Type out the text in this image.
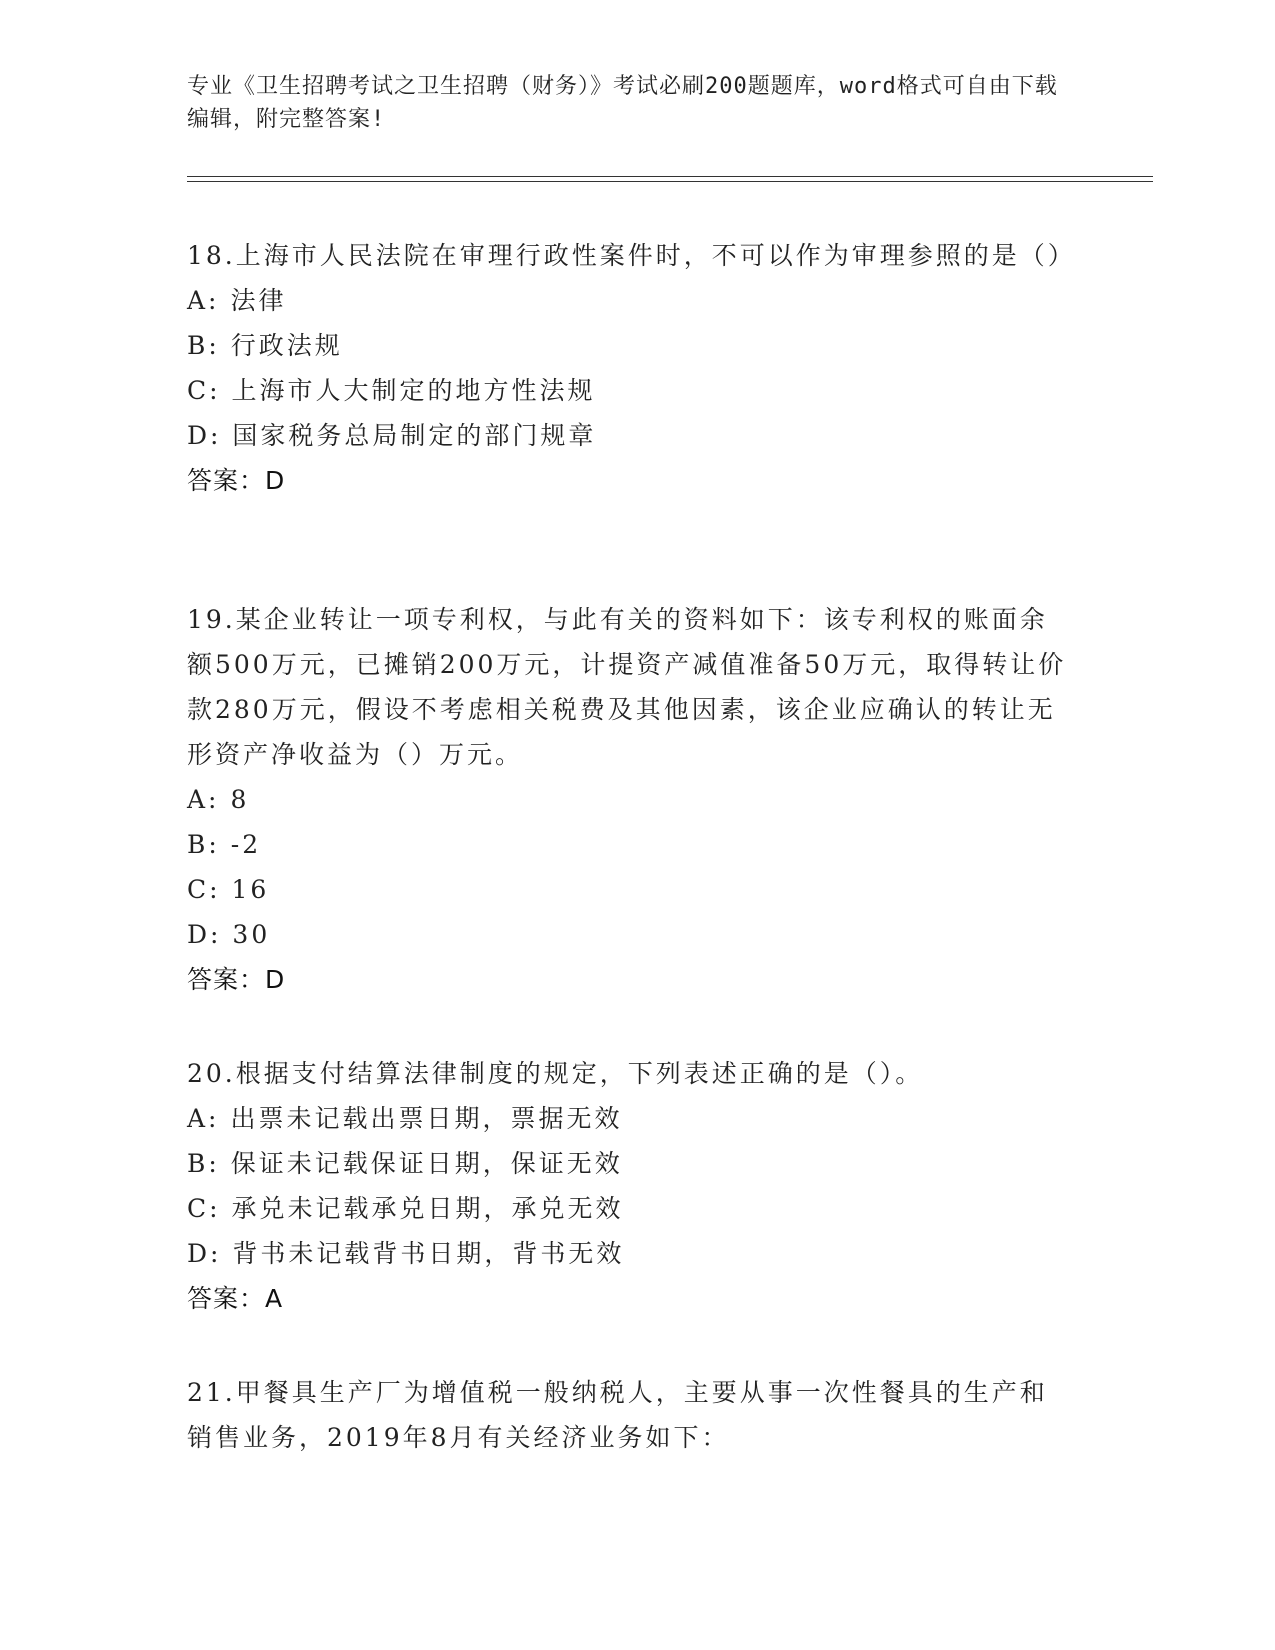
专业《卫生招聘考试之卫生招聘（财务）》考试必刷200题题库，word格式可自由下载编辑，附完整答案!
18.上海市人民法院在审理行政性案件时，不可以作为审理参照的是（）
A: 法律
B: 行政法规
C: 上海市人大制定的地方性法规
D: 国家税务总局制定的部门规章
答案：D
19.某企业转让一项专利权，与此有关的资料如下：该专利权的账面余额500万元，已摊销200万元，计提资产减值准备50万元，取得转让价款280万元，假设不考虑相关税费及其他因素，该企业应确认的转让无形资产净收益为（）万元。
A: 8
B: -2
C: 16
D: 30
答案：D
20.根据支付结算法律制度的规定，下列表述正确的是（）。
A: 出票未记载出票日期，票据无效
B: 保证未记载保证日期，保证无效
C: 承兑未记载承兑日期，承兑无效
D: 背书未记载背书日期，背书无效
答案：A
21.甲餐具生产厂为增值税一般纳税人，主要从事一次性餐具的生产和销售业务，2019年8月有关经济业务如下：
